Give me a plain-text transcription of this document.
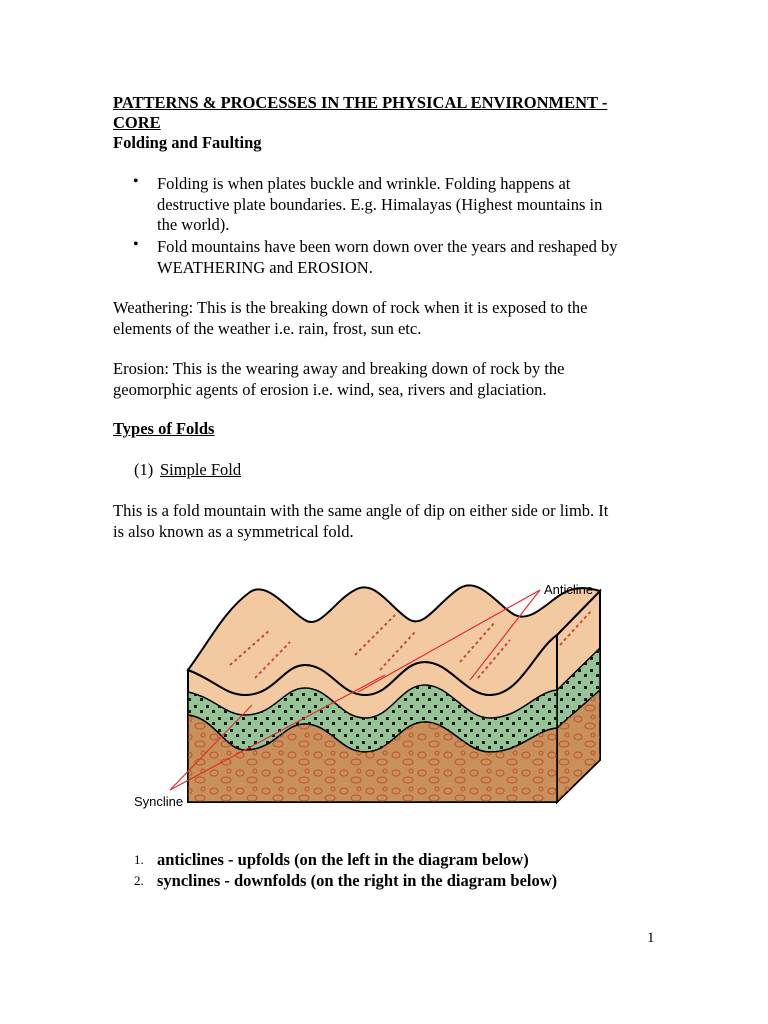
PATTERNS & PROCESSES IN THE PHYSICAL ENVIRONMENT -
CORE
Folding and Faulting
• Folding is when plates buckle and wrinkle. Folding happens at
destructive plate boundaries. E.g. Himalayas (Highest mountains in
the world).
• Fold mountains have been worn down over the years and reshaped by
WEATHERING and EROSION.
Weathering: This is the breaking down of rock when it is exposed to the
elements of the weather i.e. rain, frost, sun etc.
Erosion: This is the wearing away and breaking down of rock by the
geomorphic agents of erosion i.e. wind, sea, rivers and glaciation.
Types of Folds
(1) Simple Fold
This is a fold mountain with the same angle of dip on either side or limb. It
is also known as a symmetrical fold.
Anticline
Syncline
1. anticlines - upfolds (on the left in the diagram below)
2. synclines - downfolds (on the right in the diagram below)
1
